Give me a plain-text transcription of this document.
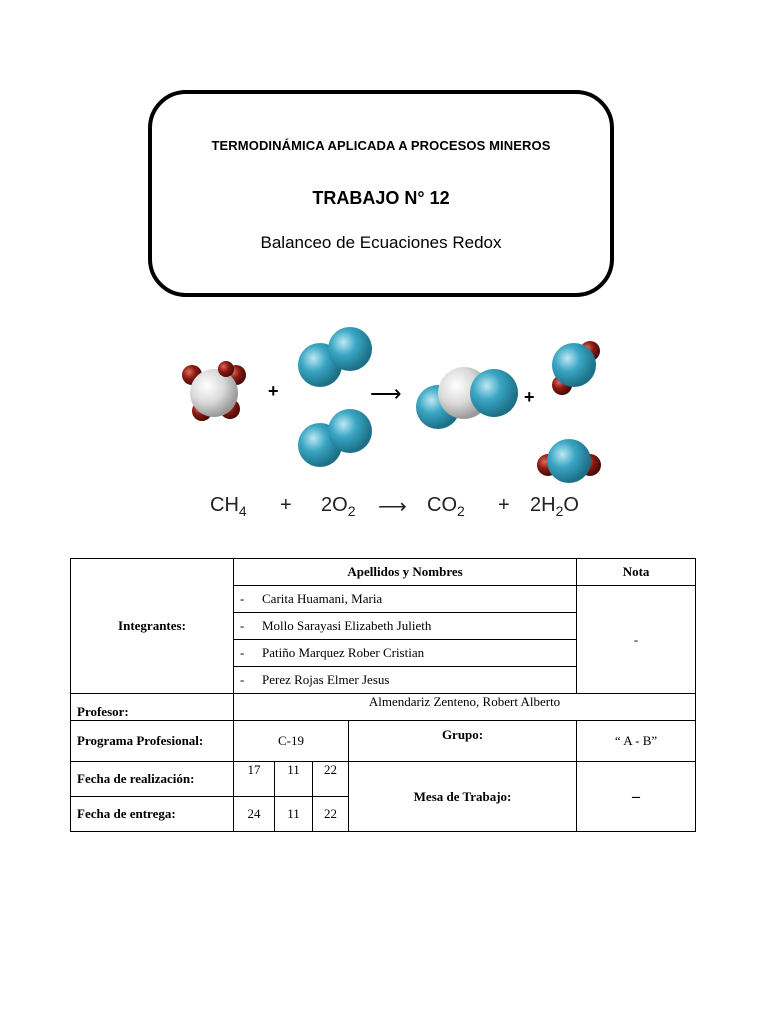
TERMODINÁMICA APLICADA A PROCESOS MINEROS
TRABAJO N° 12
Balanceo de Ecuaciones Redox
+	⟶	+
$CH_4 + 2O_2$ ⟶ $CO_2 + 2H_2O$
Integrantes:	Apellidos y Nombres				Nota
	- Carita Huamani, Maria				-
	- Mollo Sarayasi Elizabeth Julieth				
	- Patiño Marquez Rober Cristian				
	- Perez Rojas Elmer Jesus				
Profesor:	Almendariz Zenteno, Robert Alberto				
Programa Profesional:	C-19			Grupo:	“ A - B”
Fecha de realización:	17	11	22	Mesa de Trabajo:	–
Fecha de entrega:	24	11	22		
